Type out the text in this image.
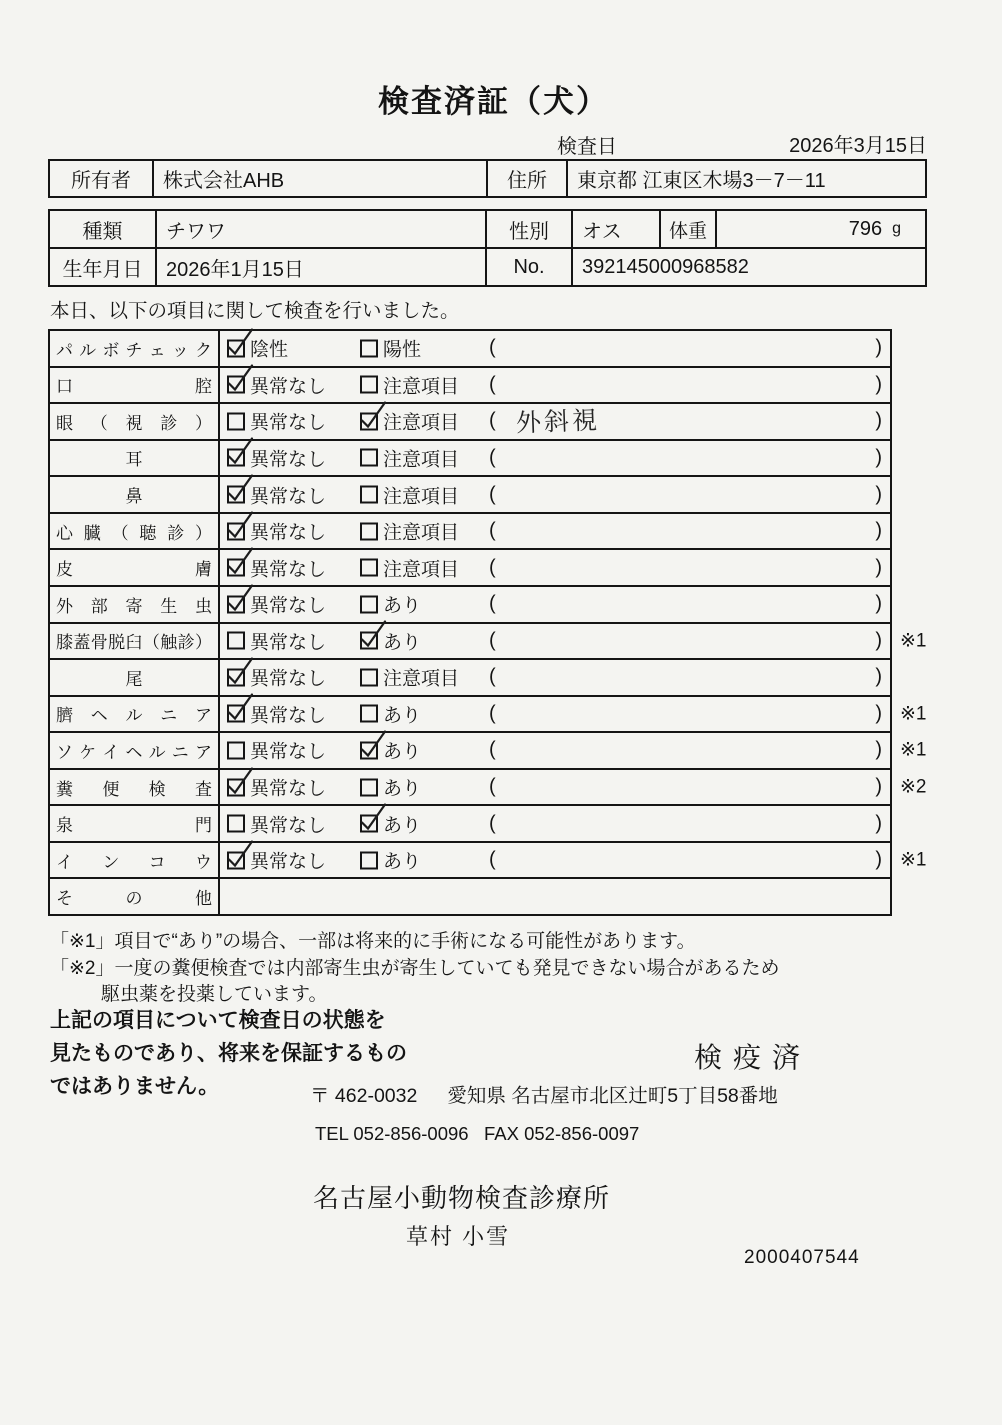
検査済証（犬）
検査日	2026年3月15日
所有者	株式会社AHB	住所	東京都 江東区木場3－7－11
種類	チワワ	性別	オス	体重	796 g
生年月日	2026年1月15日	No.	392145000968582
本日、以下の項目に関して検査を行いました。
パ ル ボ チ ェ ッ ク 陰性	陽性	(	)
口	腔 異常なし	注意項目 (	)
眼 （ 視 診 ） 異常なし	注意項目 ( 外斜視	)
耳	異常なし	注意項目 (	)
鼻	異常なし	注意項目 (	)
心 臓 （ 聴 診 ） 異常なし	注意項目 (	)
皮	膚 異常なし	注意項目 (	)
外 部 寄 生 虫 異常なし	あり	(	)
膝 蓋 骨 脱 臼 （ 触 診 ） 異常なし	あり	(	) ※1
尾	異常なし	注意項目 (	)
臍 ヘ ル ニ ア 異常なし	あり	(	) ※1
ソ ケ イ ヘ ル ニ ア 異常なし	あり	(	) ※1
糞 便 検 査 異常なし	あり	(	) ※2
泉	門 異常なし	あり	(	)
イ ン コ ウ 異常なし	あり	(	) ※1
そ	の	他
「※1」項目で“あり”の場合、一部は将来的に手術になる可能性があります。
「※2」一度の糞便検査では内部寄生虫が寄生していても発見できない場合があるため
駆虫薬を投薬しています。
上記の項目について検査日の状態を
見たものであり、将来を保証するもの
ではありません。
検疫済
〒 462-0032 愛知県 名古屋市北区辻町5丁目58番地
TEL 052-856-0096   FAX 052-856-0097
名古屋小動物検査診療所
草村 小雪
2000407544
